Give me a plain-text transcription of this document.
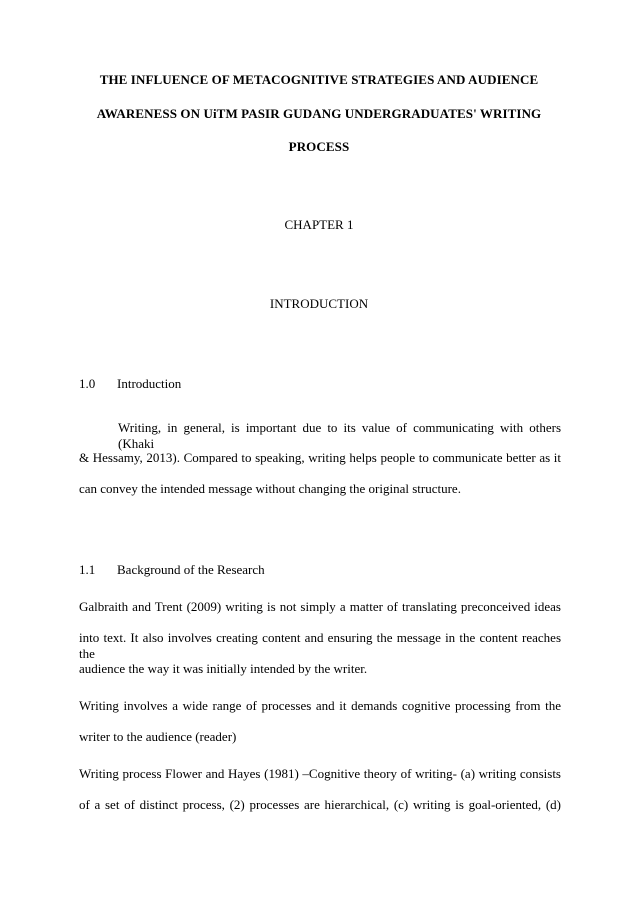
THE INFLUENCE OF METACOGNITIVE STRATEGIES AND AUDIENCE
AWARENESS ON UiTM PASIR GUDANG UNDERGRADUATES' WRITING
PROCESS
CHAPTER 1
INTRODUCTION
1.0 Introduction
Writing, in general, is important due to its value of communicating with others (Khaki
& Hessamy, 2013). Compared to speaking, writing helps people to communicate better as it
can convey the intended message without changing the original structure.
1.1 Background of the Research
Galbraith and Trent (2009) writing is not simply a matter of translating preconceived ideas
into text. It also involves creating content and ensuring the message in the content reaches the
audience the way it was initially intended by the writer.
Writing involves a wide range of processes and it demands cognitive processing from the
writer to the audience (reader)
Writing process Flower and Hayes (1981) –Cognitive theory of writing- (a) writing consists
of a set of distinct process, (2) processes are hierarchical, (c) writing is goal-oriented, (d)
